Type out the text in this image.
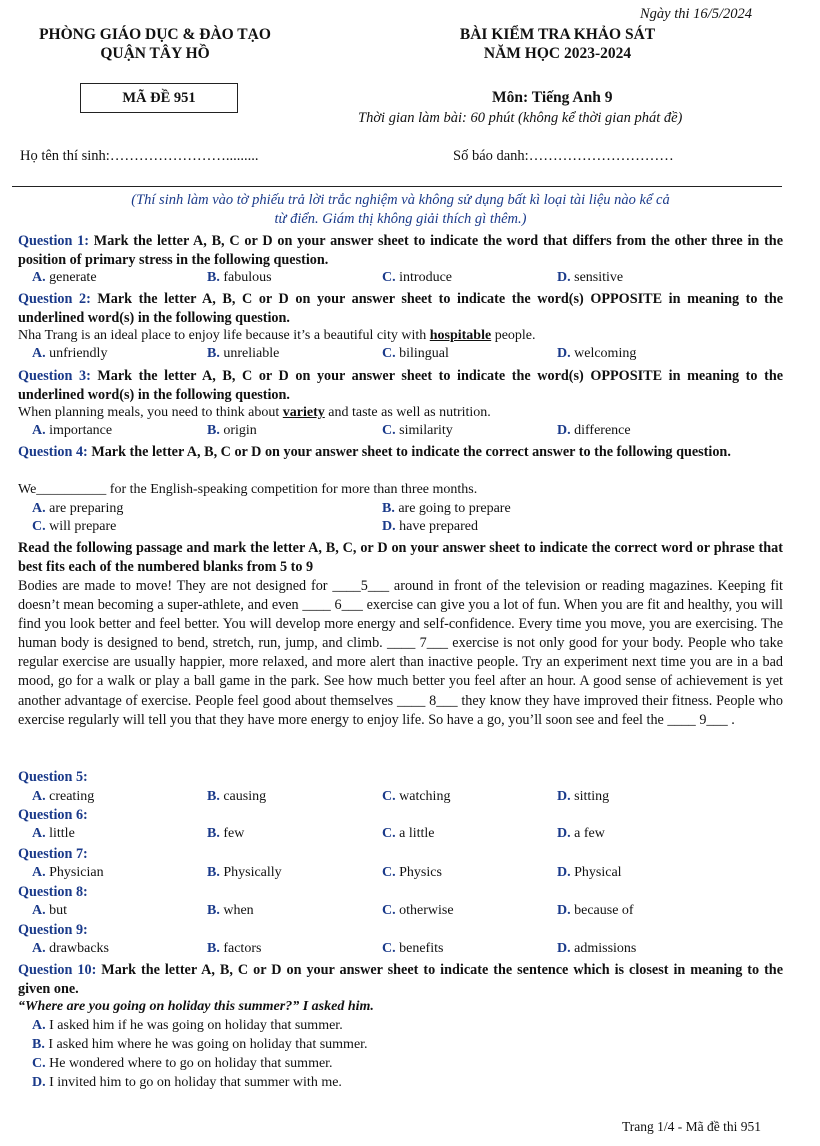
Ngày thi 16/5/2024
PHÒNG GIÁO DỤC & ĐÀO TẠO
QUẬN TÂY HỒ
BÀI KIỂM TRA KHẢO SÁT
NĂM HỌC 2023-2024
MÃ ĐỀ 951	Môn: Tiếng Anh 9
Thời gian làm bài: 60 phút (không kể thời gian phát đề)
Họ tên thí sinh:…………………….........	Số báo danh:…………………………
(Thí sinh làm vào tờ phiếu trả lời trắc nghiệm và không sử dụng bất kì loại tài liệu nào kể cả
từ điển. Giám thị không giải thích gì thêm.)
Question 1: Mark the letter A, B, C or D on your answer sheet to indicate the word that differs from the other three in the position of primary stress in the following question.
A. generate	B. fabulous	C. introduce	D. sensitive
Question 2: Mark the letter A, B, C or D on your answer sheet to indicate the word(s) OPPOSITE in meaning to the underlined word(s) in the following question.
Nha Trang is an ideal place to enjoy life because it’s a beautiful city with hospitable people.
A. unfriendly	B. unreliable	C. bilingual	D. welcoming
Question 3: Mark the letter A, B, C or D on your answer sheet to indicate the word(s) OPPOSITE in meaning to the underlined word(s) in the following question.
When planning meals, you need to think about variety and taste as well as nutrition.
A. importance	B. origin	C. similarity	D. difference
Question 4: Mark the letter A, B, C or D on your answer sheet to indicate the correct answer to the following question.
We__________ for the English-speaking competition for more than three months.
A. are preparing	B. are going to prepare
C. will prepare	D. have prepared
Read the following passage and mark the letter A, B, C, or D on your answer sheet to indicate the correct word or phrase that best fits each of the numbered blanks from 5 to 9
Bodies are made to move! They are not designed for ____5___ around in front of the television or reading magazines. Keeping fit doesn’t mean becoming a super-athlete, and even ____ 6___ exercise can give you a lot of fun. When you are fit and healthy, you will find you look better and feel better. You will develop more energy and self-confidence. Every time you move, you are exercising. The human body is designed to bend, stretch, run, jump, and climb. ____ 7___ exercise is not only good for your body. People who take regular exercise are usually happier, more relaxed, and more alert than inactive people. Try an experiment next time you are in a bad mood, go for a walk or play a ball game in the park. See how much better you feel after an hour. A good sense of achievement is yet another advantage of exercise. People feel good about themselves ____ 8___ they know they have improved their fitness. People who exercise regularly will tell you that they have more energy to enjoy life. So have a go, you’ll soon see and feel the ____ 9___ .
Question 5:
A. creating	B. causing	C. watching	D. sitting
Question 6:
A. little	B. few	C. a little	D. a few
Question 7:
A. Physician	B. Physically	C. Physics	D. Physical
Question 8:
A. but	B. when	C. otherwise	D. because of
Question 9:
A. drawbacks	B. factors	C. benefits	D. admissions
Question 10: Mark the letter A, B, C or D on your answer sheet to indicate the sentence which is closest in meaning to the given one.
“Where are you going on holiday this summer?” I asked him.
A. I asked him if he was going on holiday that summer.
B. I asked him where he was going on holiday that summer.
C. He wondered where to go on holiday that summer.
D. I invited him to go on holiday that summer with me.
Trang 1/4 - Mã đề thi 951
